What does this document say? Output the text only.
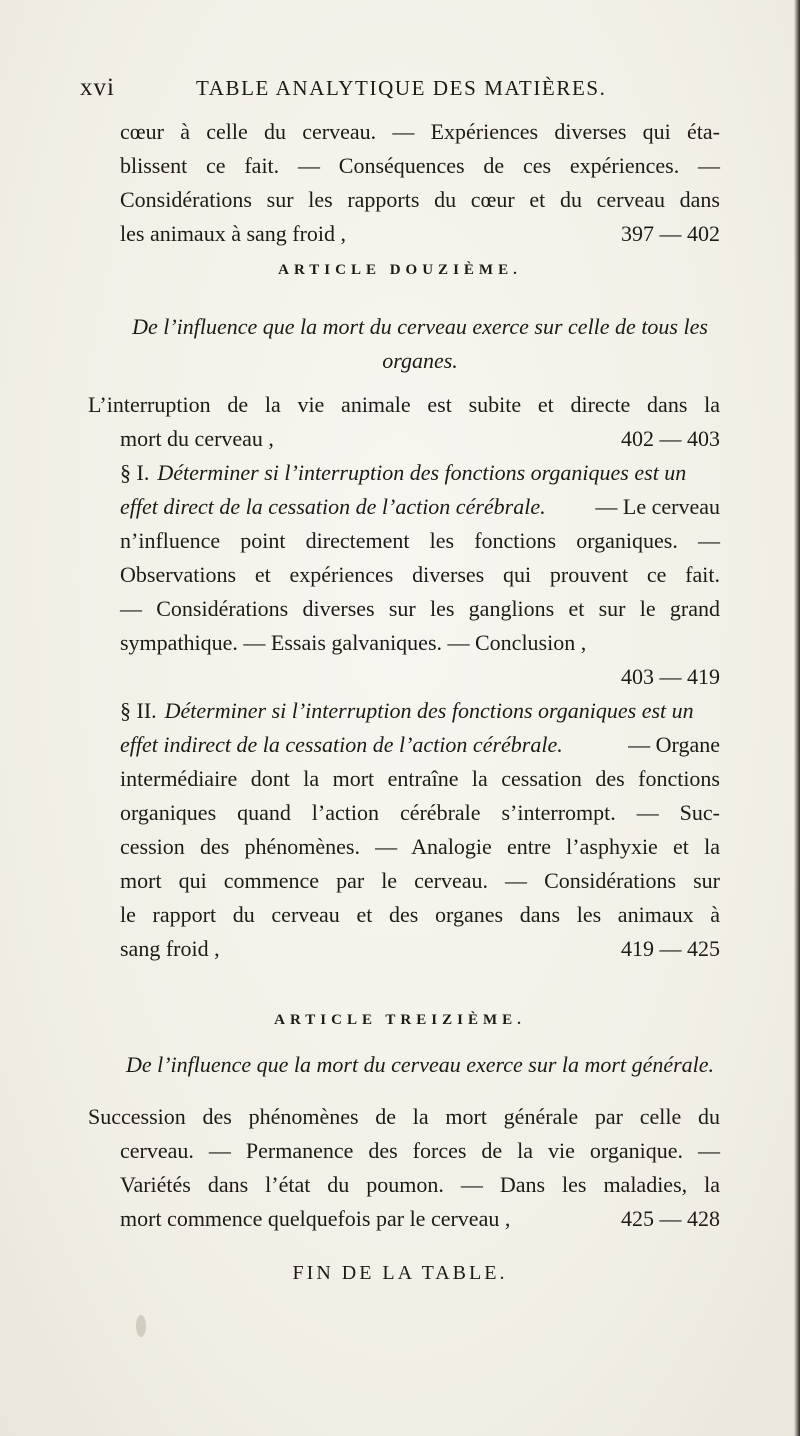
xvi	TABLE ANALYTIQUE DES MATIÈRES.
cœur à celle du cerveau. — Expériences diverses qui éta-
blissent ce fait. — Conséquences de ces expériences. —
Considérations sur les rapports du cœur et du cerveau dans
les animaux à sang froid ,	397 — 402
ARTICLE DOUZIÈME.
De l’influence que la mort du cerveau exerce sur celle de tous les
organes.
L’interruption de la vie animale est subite et directe dans la
mort du cerveau ,	402 — 403
§ I. Déterminer si l’interruption des fonctions organiques est un
effet direct de la cessation de l’action cérébrale. — Le cerveau
n’influence point directement les fonctions organiques. —
Observations et expériences diverses qui prouvent ce fait.
— Considérations diverses sur les ganglions et sur le grand
sympathique. — Essais galvaniques. — Conclusion ,
403 — 419
§ II. Déterminer si l’interruption des fonctions organiques est un
effet indirect de la cessation de l’action cérébrale.	— Organe
intermédiaire dont la mort entraîne la cessation des fonctions
organiques quand l’action cérébrale s’interrompt. — Suc-
cession des phénomènes. — Analogie entre l’asphyxie et la
mort qui commence par le cerveau. — Considérations sur
le rapport du cerveau et des organes dans les animaux à
sang froid ,	419 — 425
ARTICLE TREIZIÈME.
De l’influence que la mort du cerveau exerce sur la mort générale.
Succession des phénomènes de la mort générale par celle du
cerveau. — Permanence des forces de la vie organique. —
Variétés dans l’état du poumon. — Dans les maladies, la
mort commence quelquefois par le cerveau ,	425 — 428
FIN DE LA TABLE.
